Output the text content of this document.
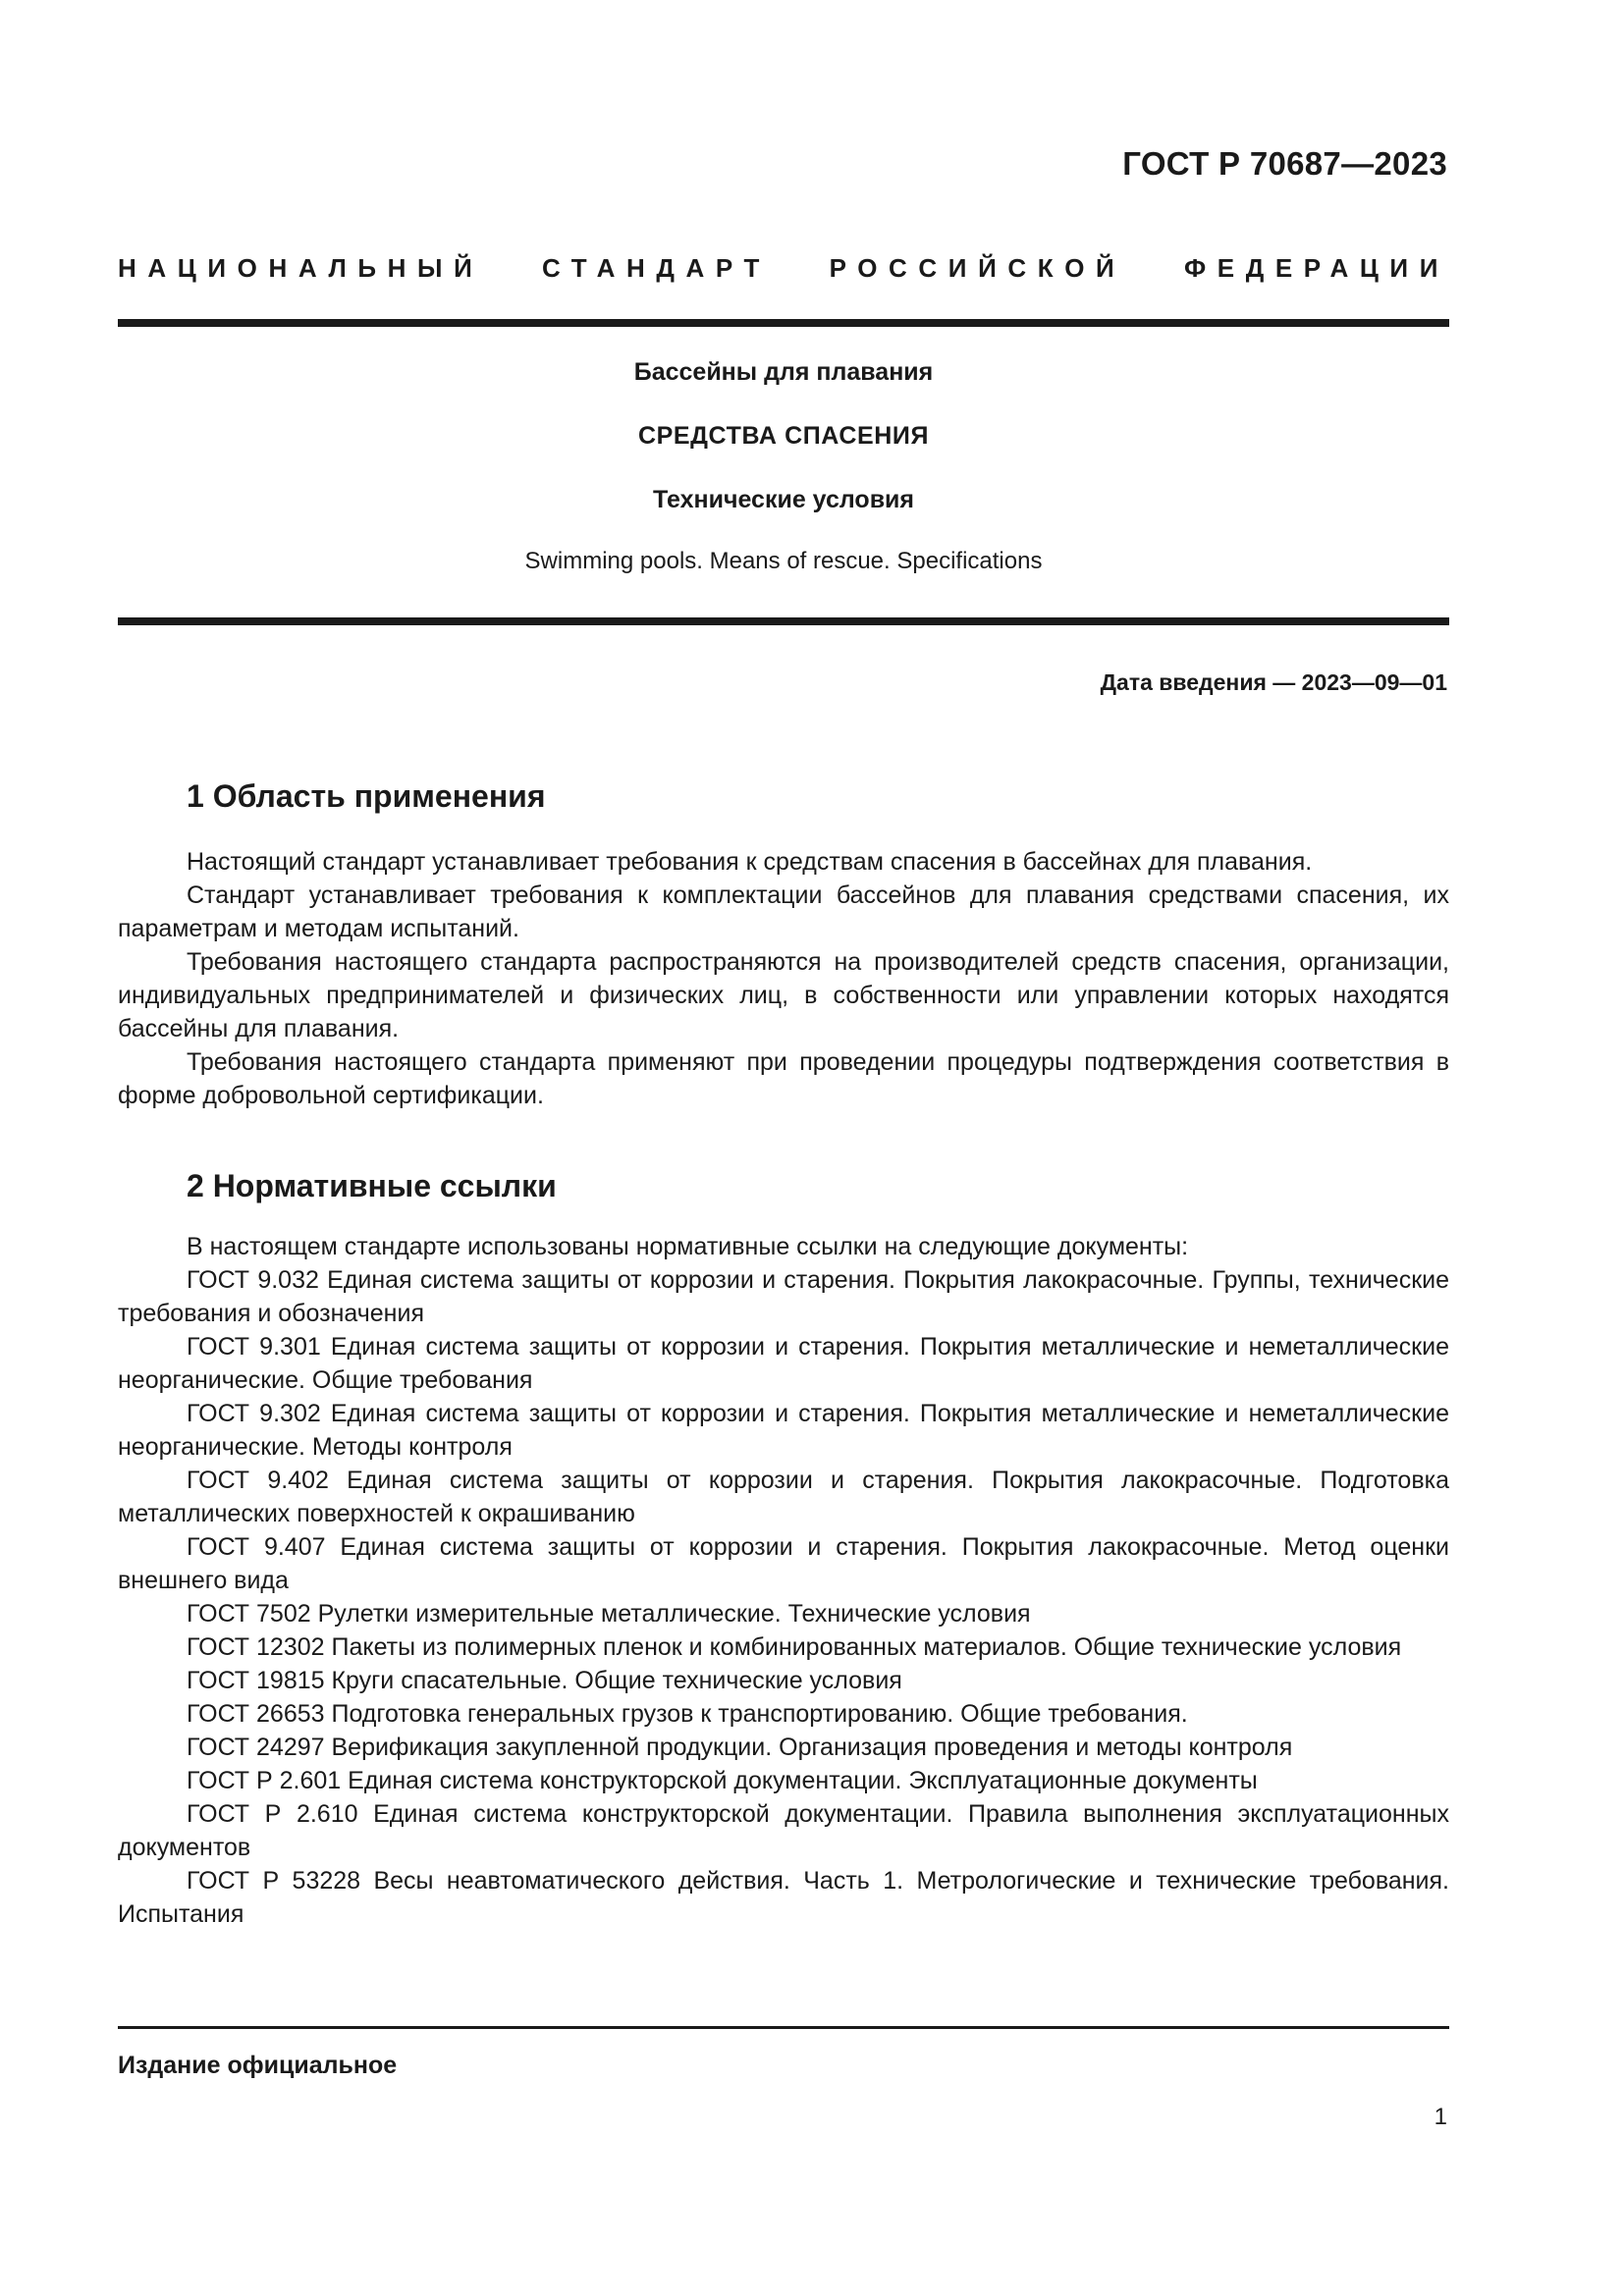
ГОСТ Р 70687—2023
НАЦИОНАЛЬНЫЙ СТАНДАРТ РОССИЙСКОЙ ФЕДЕРАЦИИ
Бассейны для плавания
СРЕДСТВА СПАСЕНИЯ
Технические условия
Swimming pools. Means of rescue. Specifications
Дата введения — 2023—09—01
1 Область применения

Настоящий стандарт устанавливает требования к средствам спасения в бассейнах для плавания.

Стандарт устанавливает требования к комплектации бассейнов для плавания средствами спасения, их параметрам и методам испытаний.

Требования настоящего стандарта распространяются на производителей средств спасения, организации, индивидуальных предпринимателей и физических лиц, в собственности или управлении которых находятся бассейны для плавания.

Требования настоящего стандарта применяют при проведении процедуры подтверждения соответствия в форме добровольной сертификации.

2 Нормативные ссылки

В настоящем стандарте использованы нормативные ссылки на следующие документы:

ГОСТ 9.032 Единая система защиты от коррозии и старения. Покрытия лакокрасочные. Группы, технические требования и обозначения

ГОСТ 9.301 Единая система защиты от коррозии и старения. Покрытия металлические и неметаллические неорганические. Общие требования

ГОСТ 9.302 Единая система защиты от коррозии и старения. Покрытия металлические и неметаллические неорганические. Методы контроля

ГОСТ 9.402 Единая система защиты от коррозии и старения. Покрытия лакокрасочные. Подготовка металлических поверхностей к окрашиванию

ГОСТ 9.407 Единая система защиты от коррозии и старения. Покрытия лакокрасочные. Метод оценки внешнего вида

ГОСТ 7502 Рулетки измерительные металлические. Технические условия

ГОСТ 12302 Пакеты из полимерных пленок и комбинированных материалов. Общие технические условия

ГОСТ 19815 Круги спасательные. Общие технические условия

ГОСТ 26653 Подготовка генеральных грузов к транспортированию. Общие требования.

ГОСТ 24297 Верификация закупленной продукции. Организация проведения и методы контроля

ГОСТ Р 2.601 Единая система конструкторской документации. Эксплуатационные документы

ГОСТ Р 2.610 Единая система конструкторской документации. Правила выполнения эксплуатационных документов

ГОСТ Р 53228 Весы неавтоматического действия. Часть 1. Метрологические и технические требования. Испытания

Издание официальное
1
